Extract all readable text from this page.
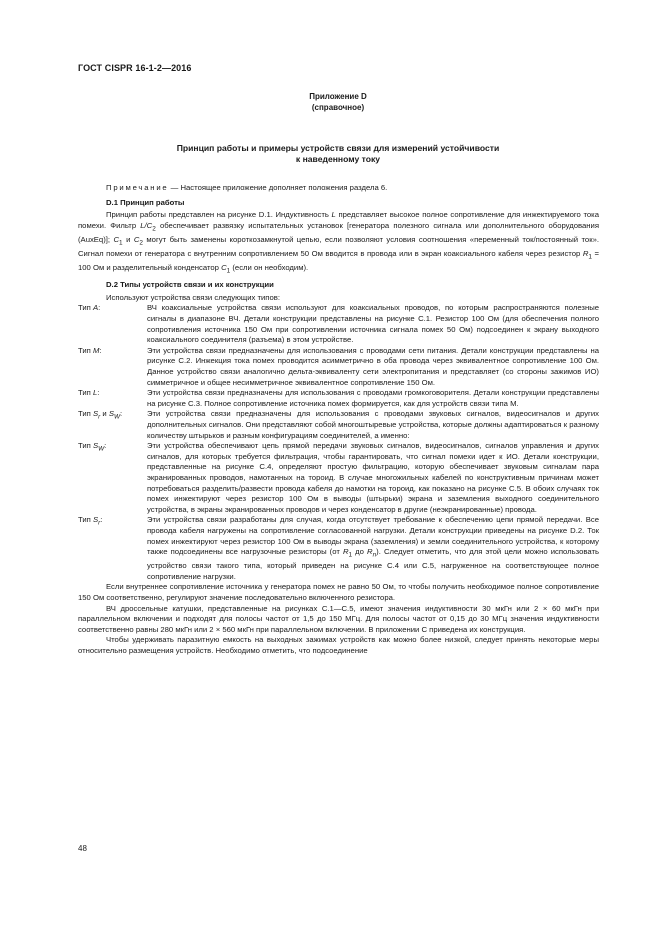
ГОСТ CISPR 16-1-2—2016
Приложение D
(справочное)
Принцип работы и примеры устройств связи для измерений устойчивости
к наведенному току

Примечание — Настоящее приложение дополняет положения раздела 6.

D.1 Принцип работы

Принцип работы представлен на рисунке D.1. Индуктивность L представляет высокое полное сопротивление для инжектируемого тока помехи. Фильтр $L/C_2$ обеспечивает развязку испытательных установок [генератора полезного сигнала или дополнительного оборудования (AuxEq)]; $C_1$ и $C_2$ могут быть заменены короткозамкнутой цепью, если позволяют условия соотношения «переменный ток/постоянный ток». Сигнал помехи от генератора с внутренним сопротивлением 50 Ом вводится в провода или в экран коаксиального кабеля через резистор $R_1 = 100$ Ом и разделительный конденсатор $C_1$ (если он необходим).

D.2 Типы устройств связи и их конструкции

Используют устройства связи следующих типов:

Тип A:	ВЧ коаксиальные устройства связи используют для коаксиальных проводов, по которым распространяются полезные сигналы в диапазоне ВЧ. Детали конструкции представлены на рисунке С.1. Резистор 100 Ом (для обеспечения полного сопротивления источника 150 Ом при сопротивлении источника сигнала помех 50 Ом) подсоединен к экрану выходного коаксиального соединителя (разъема) в этом устройстве.
Тип M:	Эти устройства связи предназначены для использования с проводами сети питания. Детали конструкции представлены на рисунке С.2. Инжекция тока помех проводится асимметрично в оба провода через эквивалентное сопротивление 100 Ом. Данное устройство связи аналогично дельта-эквиваленту сети электропитания и представляет (со стороны зажимов ИО) симметричное и общее несимметричное эквивалентное сопротивление 150 Ом.
Тип L:	Эти устройства связи предназначены для использования с проводами громкоговорителя. Детали конструкции представлены на рисунке С.3. Полное сопротивление источника помех формируется, как для устройств связи типа М.
Тип $S_r$ и $S_W$:	Эти устройства связи предназначены для использования с проводами звуковых сигналов, видеосигналов и других дополнительных сигналов. Они представляют собой многоштыревые устройства, которые должны адаптироваться к разному количеству штырьков и разным конфигурациям соединителей, а именно:
Тип $S_W$:	Эти устройства обеспечивают цепь прямой передачи звуковых сигналов, видеосигналов, сигналов управления и других сигналов, для которых требуется фильтрация, чтобы гарантировать, что сигнал помехи идет к ИО. Детали конструкции, представленные на рисунке С.4, определяют простую фильтрацию, которую обеспечивает звуковым сигналам пара экранированных проводов, намотанных на тороид. В случае многожильных кабелей по конструктивным причинам может потребоваться разделить/развести провода кабеля до намотки на тороид, как показано на рисунке С.5. В обоих случаях ток помех инжектируют через резистор 100 Ом в выводы (штырьки) экрана и заземления выходного соединительного устройства, в экраны экранированных проводов и через конденсатор в другие (неэкранированные) провода.
Тип $S_r$:	Эти устройства связи разработаны для случая, когда отсутствует требование к обеспечению цепи прямой передачи. Все провода кабеля нагружены на сопротивление согласованной нагрузки. Детали конструкции приведены на рисунке D.2. Ток помех инжектируют через резистор 100 Ом в выводы экрана (заземления) и земли соединительного устройства, к которому также подсоединены все нагрузочные резисторы (от $R_1$ до $R_n$). Следует отметить, что для этой цели можно использовать устройство связи такого типа, который приведен на рисунке С.4 или С.5, нагруженное на соответствующее полное сопротивление нагрузки.

Если внутреннее сопротивление источника у генератора помех не равно 50 Ом, то чтобы получить необходимое полное сопротивление 150 Ом соответственно, регулируют значение последовательно включенного резистора.

ВЧ дроссельные катушки, представленные на рисунках С.1—С.5, имеют значения индуктивности 30 мкГн или 2 × 60 мкГн при параллельном включении и подходят для полосы частот от 1,5 до 150 МГц. Для полосы частот от 0,15 до 30 МГц значения индуктивности соответственно равны 280 мкГн или 2 × 560 мкГн при параллельном включении. В приложении С приведена их конструкция.

Чтобы удерживать паразитную емкость на выходных зажимах устройств как можно более низкой, следует принять некоторые меры относительно размещения устройств. Необходимо отметить, что подсоединение

48
